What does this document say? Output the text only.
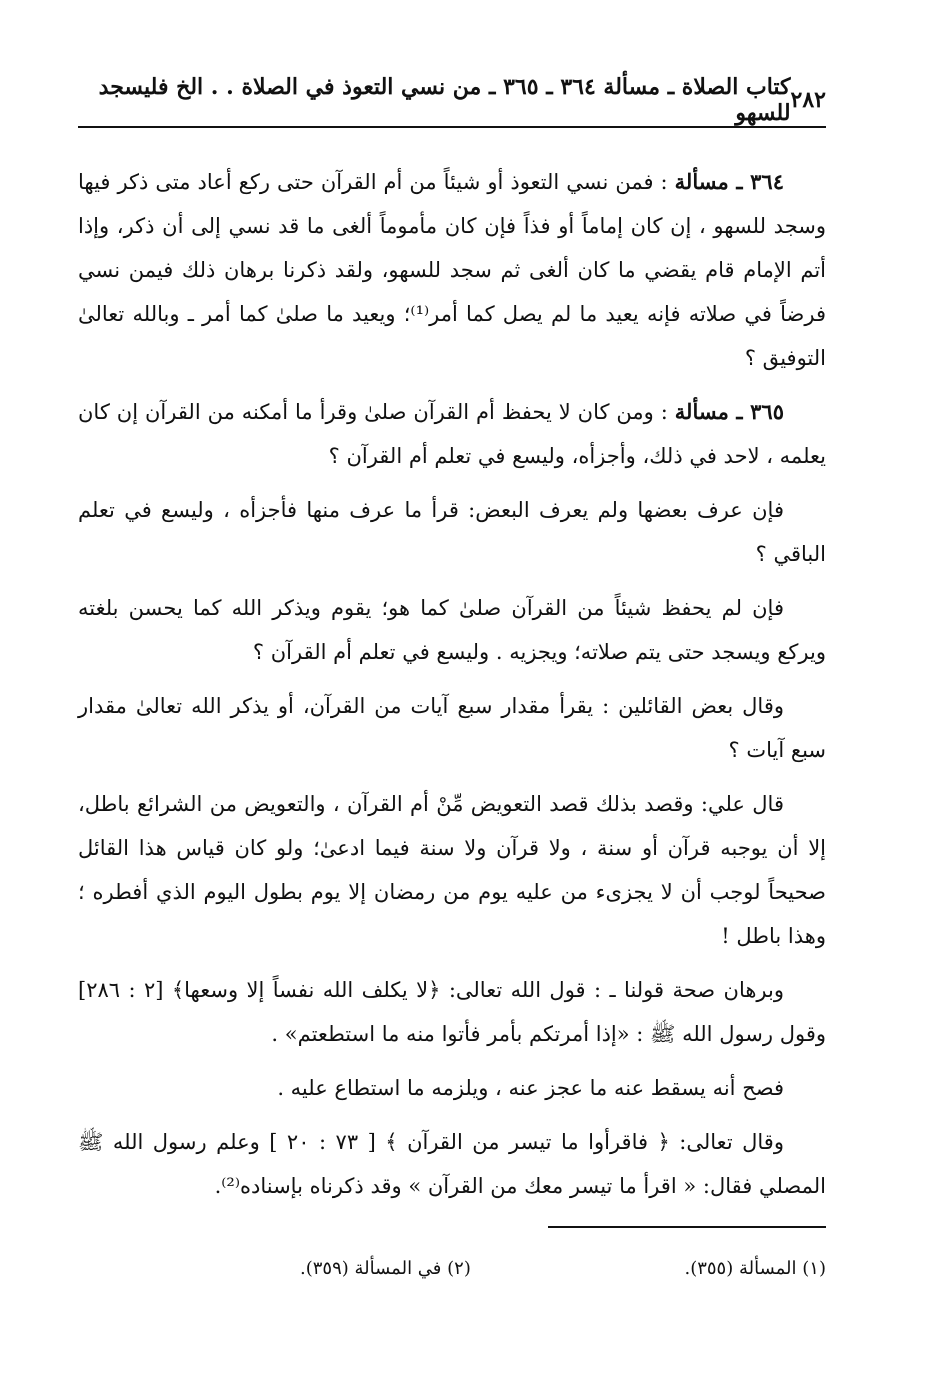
٢٨٢
كتاب الصلاة ـ مسألة ٣٦٤ ـ ٣٦٥ ـ من نسي التعوذ في الصلاة . . الخ فليسجد للسهو

٣٦٤ ـ مسألة : فمن نسي التعوذ أو شيئاً من أم القرآن حتى ركع أعاد متى ذكر فيها وسجد للسهو ، إن كان إماماً أو فذاً فإن كان مأموماً ألغى ما قد نسي إلى أن ذكر، وإذا أتم الإمام قام يقضي ما كان ألغى ثم سجد للسهو، ولقد ذكرنا برهان ذلك فيمن نسي فرضاً في صلاته فإنه يعيد ما لم يصل كما أمر⁽¹⁾؛ ويعيد ما صلىٰ كما أمر ـ وبالله تعالىٰ التوفيق ؟

٣٦٥ ـ مسألة : ومن كان لا يحفظ أم القرآن صلىٰ وقرأ ما أمكنه من القرآن إن كان يعلمه ، لاحد في ذلك، وأجزأه، وليسع في تعلم أم القرآن ؟

فإن عرف بعضها ولم يعرف البعض: قرأ ما عرف منها فأجزأه ، وليسع في تعلم الباقي ؟

فإن لم يحفظ شيئاً من القرآن صلىٰ كما هو؛ يقوم ويذكر الله كما يحسن بلغته ويركع ويسجد حتى يتم صلاته؛ ويجزيه . وليسع في تعلم أم القرآن ؟

وقال بعض القائلين : يقرأ مقدار سبع آيات من القرآن، أو يذكر الله تعالىٰ مقدار سبع آيات ؟

قال علي: وقصد بذلك قصد التعويض مِّنْ أم القرآن ، والتعويض من الشرائع باطل، إلا أن يوجبه قرآن أو سنة ، ولا قرآن ولا سنة فيما ادعىٰ؛ ولو كان قياس هذا القائل صحيحاً لوجب أن لا يجزىء من عليه يوم من رمضان إلا يوم بطول اليوم الذي أفطره ؛ وهذا باطل !

وبرهان صحة قولنا ـ : قول الله تعالى: ﴿لا يكلف الله نفساً إلا وسعها﴾ [٢ : ٢٨٦] وقول رسول الله ﷺ : «إذا أمرتكم بأمر فأتوا منه ما استطعتم» .

فصح أنه يسقط عنه ما عجز عنه ، ويلزمه ما استطاع عليه .

وقال تعالى: ﴿ فاقرأوا ما تيسر من القرآن ﴾ [ ٧٣ : ٢٠ ] وعلم رسول الله ﷺ المصلي فقال: « اقرأ ما تيسر معك من القرآن » وقد ذكرناه بإسناده⁽²⁾.

(١) المسألة (٣٥٥).
(٢) في المسألة (٣٥٩).
